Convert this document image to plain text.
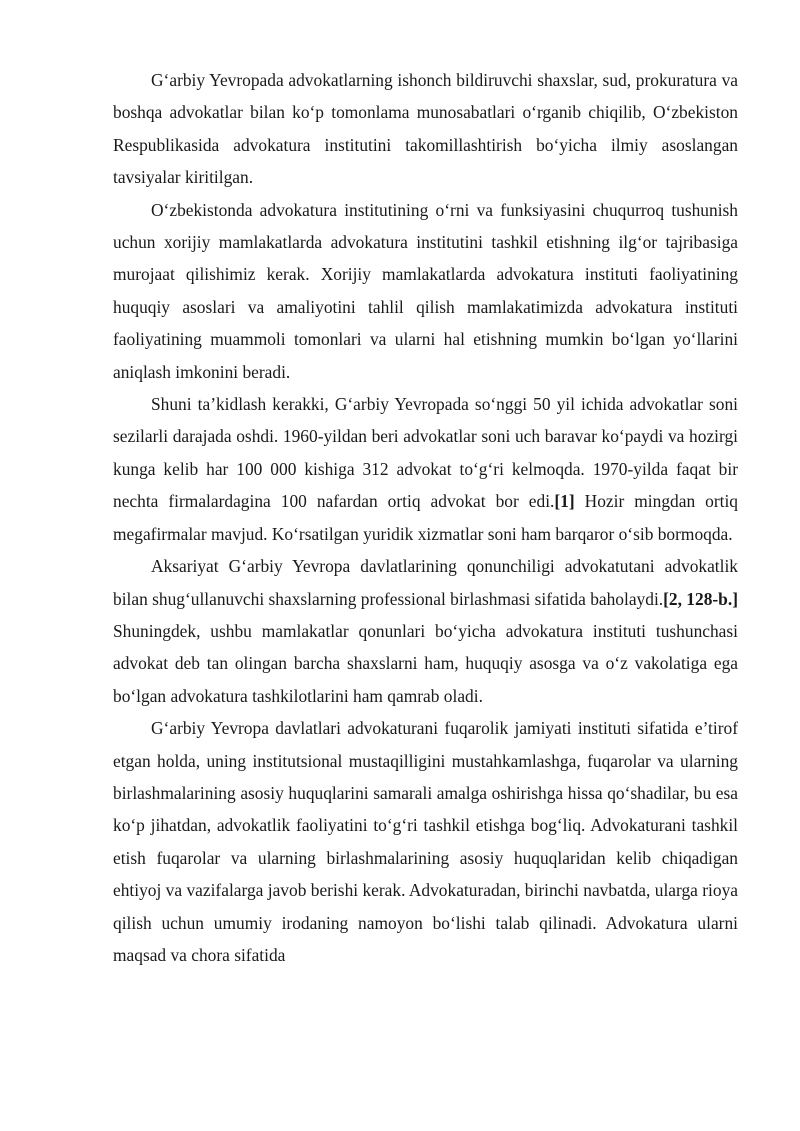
G‘arbiy Yevropada advokatlarning ishonch bildiruvchi shaxslar, sud, prokuratura va boshqa advokatlar bilan ko‘p tomonlama munosabatlari o‘rganib chiqilib, O‘zbekiston Respublikasida advokatura institutini takomillashtirish bo‘yicha ilmiy asoslangan tavsiyalar kiritilgan.

O‘zbekistonda advokatura institutining o‘rni va funksiyasini chuqurroq tushunish uchun xorijiy mamlakatlarda advokatura institutini tashkil etishning ilg‘or tajribasiga murojaat qilishimiz kerak. Xorijiy mamlakatlarda advokatura instituti faoliyatining huquqiy asoslari va amaliyotini tahlil qilish mamlakatimizda advokatura instituti faoliyatining muammoli tomonlari va ularni hal etishning mumkin bo‘lgan yo‘llarini aniqlash imkonini beradi.

Shuni ta’kidlash kerakki, G‘arbiy Yevropada so‘nggi 50 yil ichida advokatlar soni sezilarli darajada oshdi. 1960-yildan beri advokatlar soni uch baravar ko‘paydi va hozirgi kunga kelib har 100 000 kishiga 312 advokat to‘g‘ri kelmoqda. 1970-yilda faqat bir nechta firmalardagina 100 nafardan ortiq advokat bor edi.[1] Hozir mingdan ortiq megafirmalar mavjud. Ko‘rsatilgan yuridik xizmatlar soni ham barqaror o‘sib bormoqda.

Aksariyat G‘arbiy Yevropa davlatlarining qonunchiligi advokatutani advokatlik bilan shug‘ullanuvchi shaxslarning professional birlashmasi sifatida baholaydi.[2, 128-b.] Shuningdek, ushbu mamlakatlar qonunlari bo‘yicha advokatura instituti tushunchasi advokat deb tan olingan barcha shaxslarni ham, huquqiy asosga va o‘z vakolatiga ega bo‘lgan advokatura tashkilotlarini ham qamrab oladi.

G‘arbiy Yevropa davlatlari advokaturani fuqarolik jamiyati instituti sifatida e’tirof etgan holda, uning institutsional mustaqilligini mustahkamlashga, fuqarolar va ularning birlashmalarining asosiy huquqlarini samarali amalga oshirishga hissa qo‘shadilar, bu esa ko‘p jihatdan, advokatlik faoliyatini to‘g‘ri tashkil etishga bog‘liq. Advokaturani tashkil etish fuqarolar va ularning birlashmalarining asosiy huquqlaridan kelib chiqadigan ehtiyoj va vazifalarga javob berishi kerak. Advokaturadan, birinchi navbatda, ularga rioya qilish uchun umumiy irodaning namoyon bo‘lishi talab qilinadi. Advokatura ularni maqsad va chora sifatida
